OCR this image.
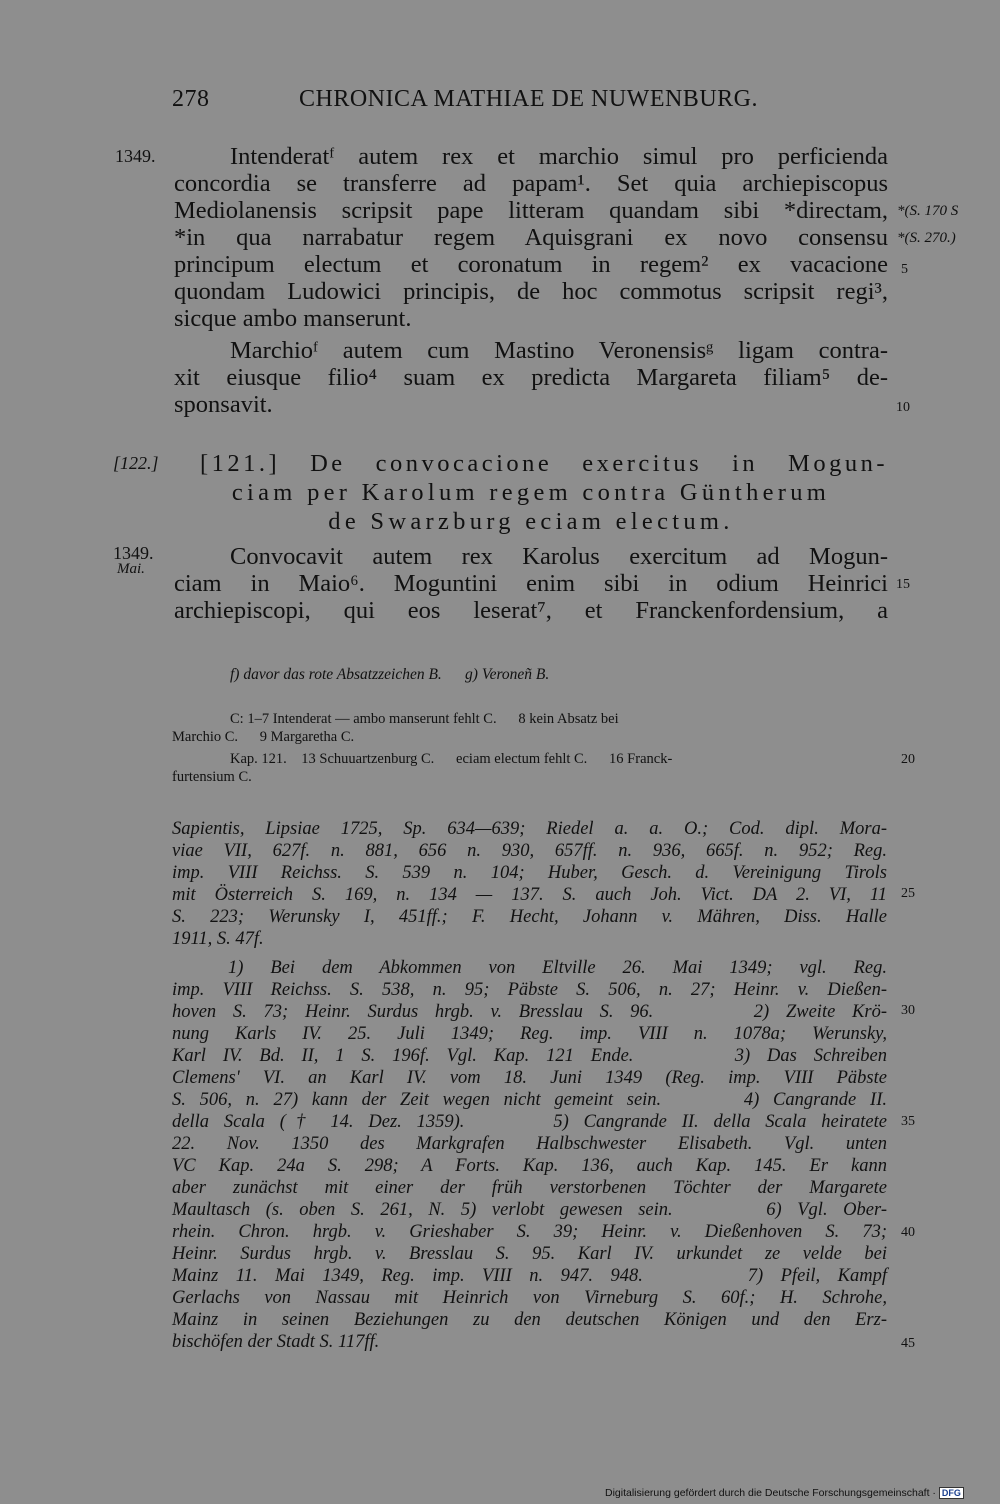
278	CHRONICA MATHIAE DE NUWENBURG.
1349.
*(S. 170 S
*(S. 270.)
[122.]
1349.
Mai.
5
10
15
20
25
30
35
40
45
Intenderatᶠ autem rex et marchio simul pro perficienda
concordia se transferre ad papam¹. Set quia archiepiscopus
Mediolanensis scripsit pape litteram quandam sibi *directam,
*in qua narrabatur regem Aquisgrani ex novo consensu
principum electum et coronatum in regem² ex vacacione
quondam Ludowici principis, de hoc commotus scripsit regi³,
sicque ambo manserunt.
Marchioᶠ autem cum Mastino Veronensisᵍ ligam contra-
xit eiusque filio⁴ suam ex predicta Margareta filiam⁵ de-
sponsavit.
[121.] De convocacione exercitus in Mogun-
ciam per Karolum regem contra Güntherum
de Swarzburg eciam electum.
Convocavit autem rex Karolus exercitum ad Mogun-
ciam in Maio⁶. Moguntini enim sibi in odium Heinrici
archiepiscopi, qui eos leserat⁷, et Franckenfordensium, a
f) davor das rote Absatzzeichen B.      g) Veroneñ B.
C: 1–7 Intenderat — ambo manserunt fehlt C.      8 kein Absatz bei
Marchio C.      9 Margaretha C.
Kap. 121.    13 Schuuartzenburg C.      eciam electum fehlt C.      16 Franck-
furtensium C.
Sapientis, Lipsiae 1725, Sp. 634—639; Riedel a. a. O.; Cod. dipl. Mora-
viae VII, 627f. n. 881, 656 n. 930, 657ff. n. 936, 665f. n. 952; Reg.
imp. VIII Reichss. S. 539 n. 104; Huber, Gesch. d. Vereinigung Tirols
mit Österreich S. 169, n. 134 — 137. S. auch Joh. Vict. DA 2. VI, 11
S. 223; Werunsky I, 451ff.; F. Hecht, Johann v. Mähren, Diss. Halle
1911, S. 47f.
1) Bei dem Abkommen von Eltville 26. Mai 1349; vgl. Reg.
imp. VIII Reichss. S. 538, n. 95; Päbste S. 506, n. 27; Heinr. v. Dießen-
hoven S. 73; Heinr. Surdus hrgb. v. Bresslau S. 96.      2) Zweite Krö-
nung Karls IV. 25. Juli 1349; Reg. imp. VIII n. 1078a; Werunsky,
Karl IV. Bd. II, 1 S. 196f. Vgl. Kap. 121 Ende.      3) Das Schreiben
Clemens' VI. an Karl IV. vom 18. Juni 1349 (Reg. imp. VIII Päbste
S. 506, n. 27) kann der Zeit wegen nicht gemeint sein.      4) Cangrande II.
della Scala († 14. Dez. 1359).      5) Cangrande II. della Scala heiratete
22. Nov. 1350 des Markgrafen Halbschwester Elisabeth. Vgl. unten
VC Kap. 24a S. 298; A Forts. Kap. 136, auch Kap. 145. Er kann
aber zunächst mit einer der früh verstorbenen Töchter der Margarete
Maultasch (s. oben S. 261, N. 5) verlobt gewesen sein.      6) Vgl. Ober-
rhein. Chron. hrgb. v. Grieshaber S. 39; Heinr. v. Dießenhoven S. 73;
Heinr. Surdus hrgb. v. Bresslau S. 95. Karl IV. urkundet ze velde bei
Mainz 11. Mai 1349, Reg. imp. VIII n. 947. 948.      7) Pfeil, Kampf
Gerlachs von Nassau mit Heinrich von Virneburg S. 60f.; H. Schrohe,
Mainz in seinen Beziehungen zu den deutschen Königen und den Erz-
bischöfen der Stadt S. 117ff.
Digitalisierung gefördert durch die Deutsche Forschungsgemeinschaft · DFG
